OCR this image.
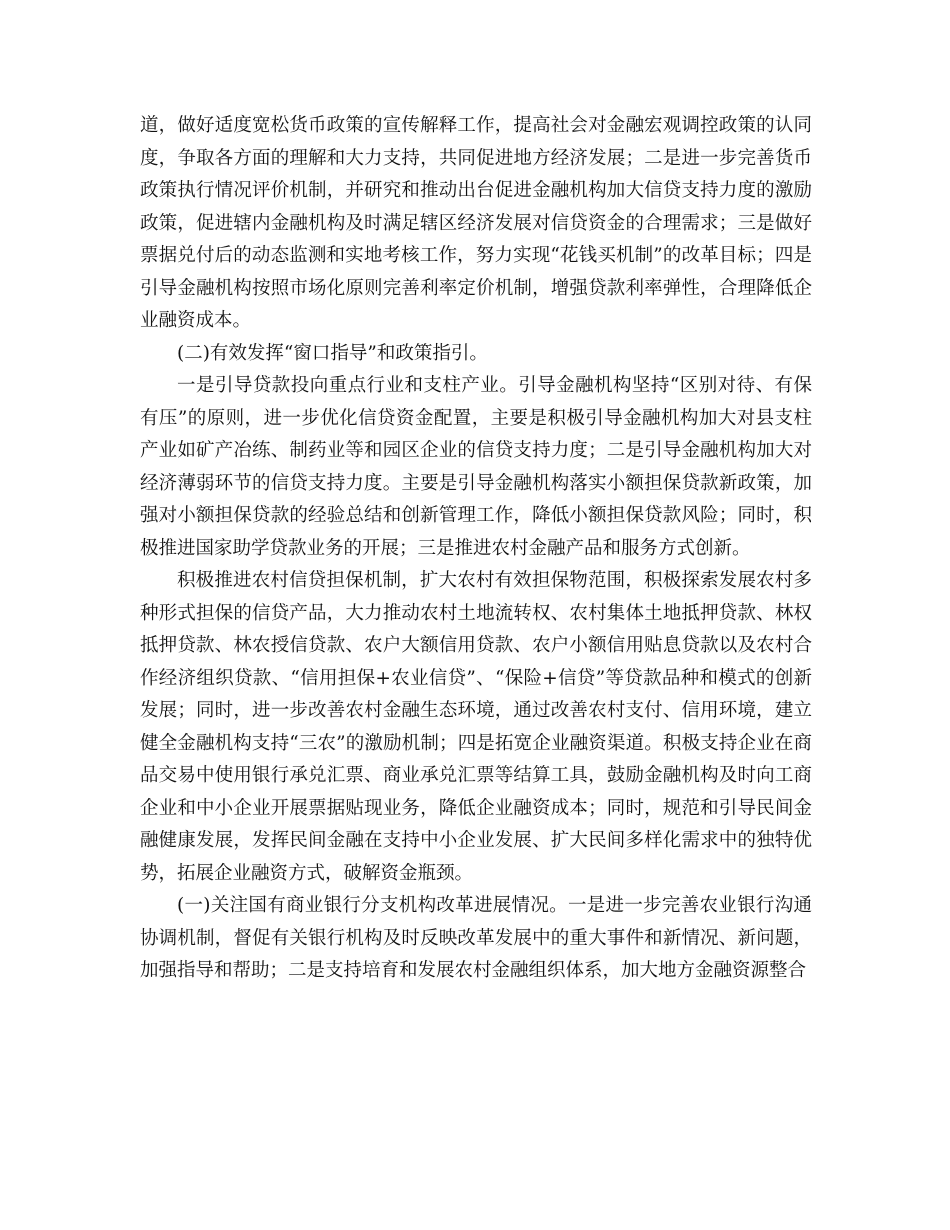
道，做好适度宽松货币政策的宣传解释工作，提高社会对金融宏观调控政策的认同度，争取各方面的理解和大力支持，共同促进地方经济发展；二是进一步完善货币政策执行情况评价机制，并研究和推动出台促进金融机构加大信贷支持力度的激励政策，促进辖内金融机构及时满足辖区经济发展对信贷资金的合理需求；三是做好票据兑付后的动态监测和实地考核工作，努力实现“花钱买机制”的改革目标；四是引导金融机构按照市场化原则完善利率定价机制，增强贷款利率弹性，合理降低企业融资成本。

(二)有效发挥“窗口指导”和政策指引。

一是引导贷款投向重点行业和支柱产业。引导金融机构坚持“区别对待、有保有压”的原则，进一步优化信贷资金配置，主要是积极引导金融机构加大对县支柱产业如矿产冶练、制药业等和园区企业的信贷支持力度；二是引导金融机构加大对经济薄弱环节的信贷支持力度。主要是引导金融机构落实小额担保贷款新政策，加强对小额担保贷款的经验总结和创新管理工作，降低小额担保贷款风险；同时，积极推进国家助学贷款业务的开展；三是推进农村金融产品和服务方式创新。

积极推进农村信贷担保机制，扩大农村有效担保物范围，积极探索发展农村多种形式担保的信贷产品，大力推动农村土地流转权、农村集体土地抵押贷款、林权抵押贷款、林农授信贷款、农户大额信用贷款、农户小额信用贴息贷款以及农村合作经济组织贷款、“信用担保+农业信贷”、“保险+信贷”等贷款品种和模式的创新发展；同时，进一步改善农村金融生态环境，通过改善农村支付、信用环境，建立健全金融机构支持“三农”的激励机制；四是拓宽企业融资渠道。积极支持企业在商品交易中使用银行承兑汇票、商业承兑汇票等结算工具，鼓励金融机构及时向工商企业和中小企业开展票据贴现业务，降低企业融资成本；同时，规范和引导民间金融健康发展，发挥民间金融在支持中小企业发展、扩大民间多样化需求中的独特优势，拓展企业融资方式，破解资金瓶颈。

(一)关注国有商业银行分支机构改革进展情况。一是进一步完善农业银行沟通协调机制，督促有关银行机构及时反映改革发展中的重大事件和新情况、新问题，加强指导和帮助；二是支持培育和发展农村金融组织体系，加大地方金融资源整合
